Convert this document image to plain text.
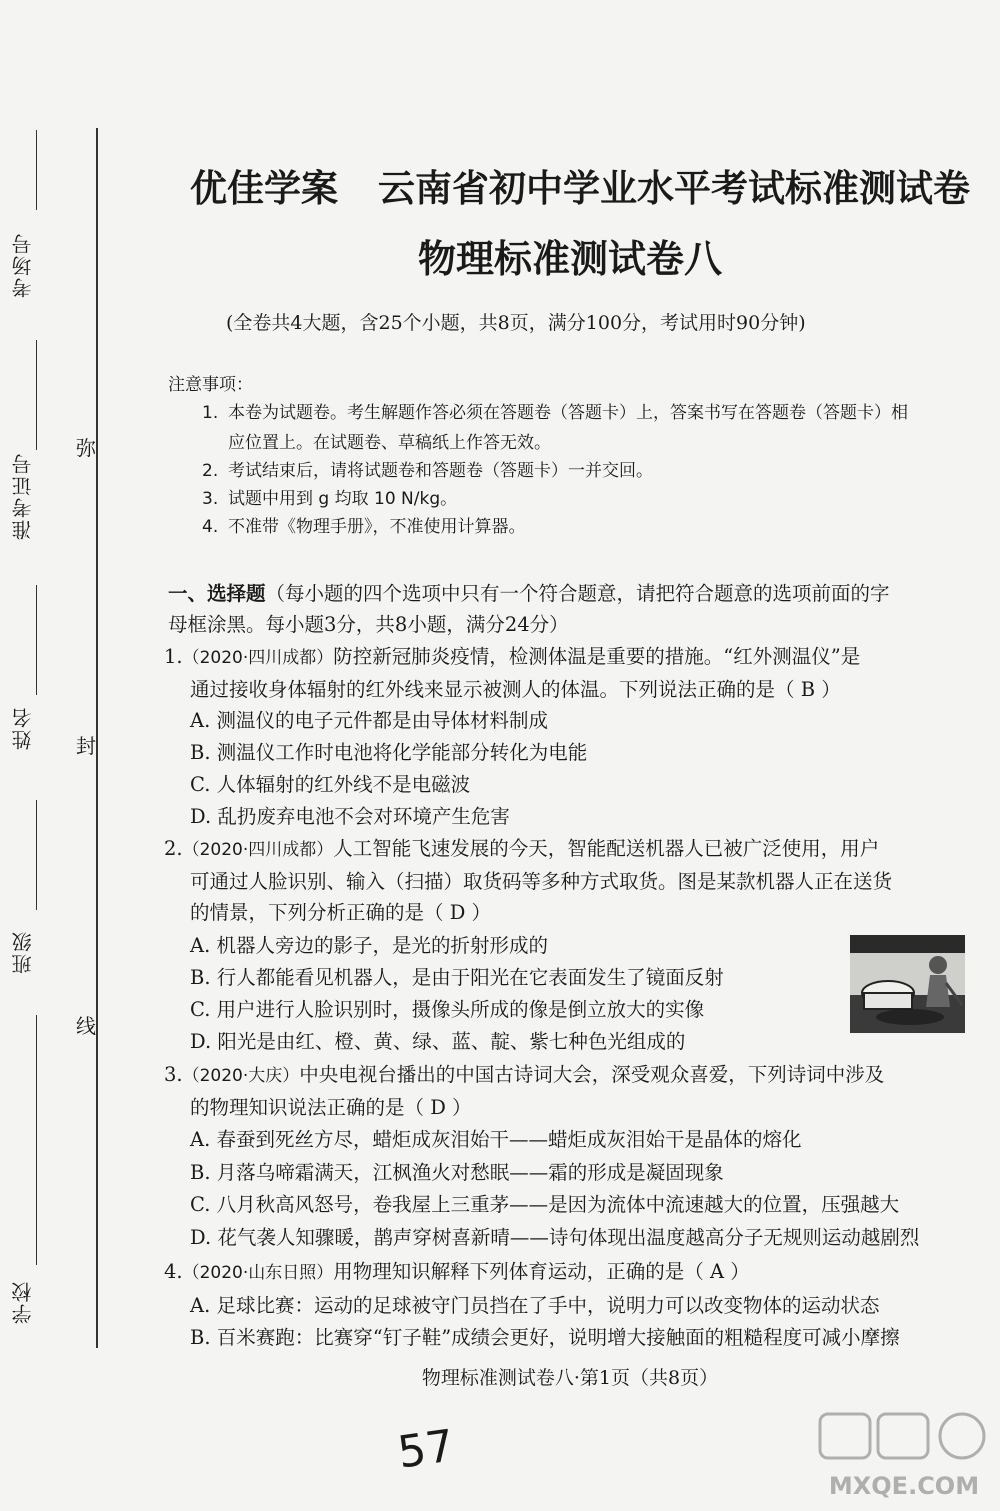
考场号
准考证号
姓名
班级
学校
弥
封
线
优佳学案 云南省初中学业水平考试标准测试卷
物理标准测试卷八
(全卷共4大题，含25个小题，共8页，满分100分，考试用时90分钟)
注意事项：
1. 本卷为试题卷。考生解题作答必须在答题卷（答题卡）上，答案书写在答题卷（答题卡）相
应位置上。在试题卷、草稿纸上作答无效。
2. 考试结束后，请将试题卷和答题卷（答题卡）一并交回。
3. 试题中用到 g 均取 10 N/kg。
4. 不准带《物理手册》，不准使用计算器。
一、选择题（每小题的四个选项中只有一个符合题意，请把符合题意的选项前面的字
母框涂黑。每小题3分，共8小题，满分24分）
1.（2020·四川成都）防控新冠肺炎疫情，检测体温是重要的措施。“红外测温仪”是
通过接收身体辐射的红外线来显示被测人的体温。下列说法正确的是（ B ）
A. 测温仪的电子元件都是由导体材料制成
B. 测温仪工作时电池将化学能部分转化为电能
C. 人体辐射的红外线不是电磁波
D. 乱扔废弃电池不会对环境产生危害
2.（2020·四川成都）人工智能飞速发展的今天，智能配送机器人已被广泛使用，用户
可通过人脸识别、输入（扫描）取货码等多种方式取货。图是某款机器人正在送货
的情景，下列分析正确的是（ D ）
A. 机器人旁边的影子，是光的折射形成的
B. 行人都能看见机器人，是由于阳光在它表面发生了镜面反射
C. 用户进行人脸识别时，摄像头所成的像是倒立放大的实像
D. 阳光是由红、橙、黄、绿、蓝、靛、紫七种色光组成的
3.（2020·大庆）中央电视台播出的中国古诗词大会，深受观众喜爱，下列诗词中涉及
的物理知识说法正确的是（ D ）
A. 春蚕到死丝方尽，蜡炬成灰泪始干——蜡炬成灰泪始干是晶体的熔化
B. 月落乌啼霜满天，江枫渔火对愁眠——霜的形成是凝固现象
C. 八月秋高风怒号，卷我屋上三重茅——是因为流体中流速越大的位置，压强越大
D. 花气袭人知骤暖，鹊声穿树喜新晴——诗句体现出温度越高分子无规则运动越剧烈
4.（2020·山东日照）用物理知识解释下列体育运动，正确的是（ A ）
A. 足球比赛：运动的足球被守门员挡在了手中，说明力可以改变物体的运动状态
B. 百米赛跑：比赛穿“钉子鞋”成绩会更好，说明增大接触面的粗糙程度可减小摩擦
物理标准测试卷八·第1页（共8页）
57
MXQE.COM
